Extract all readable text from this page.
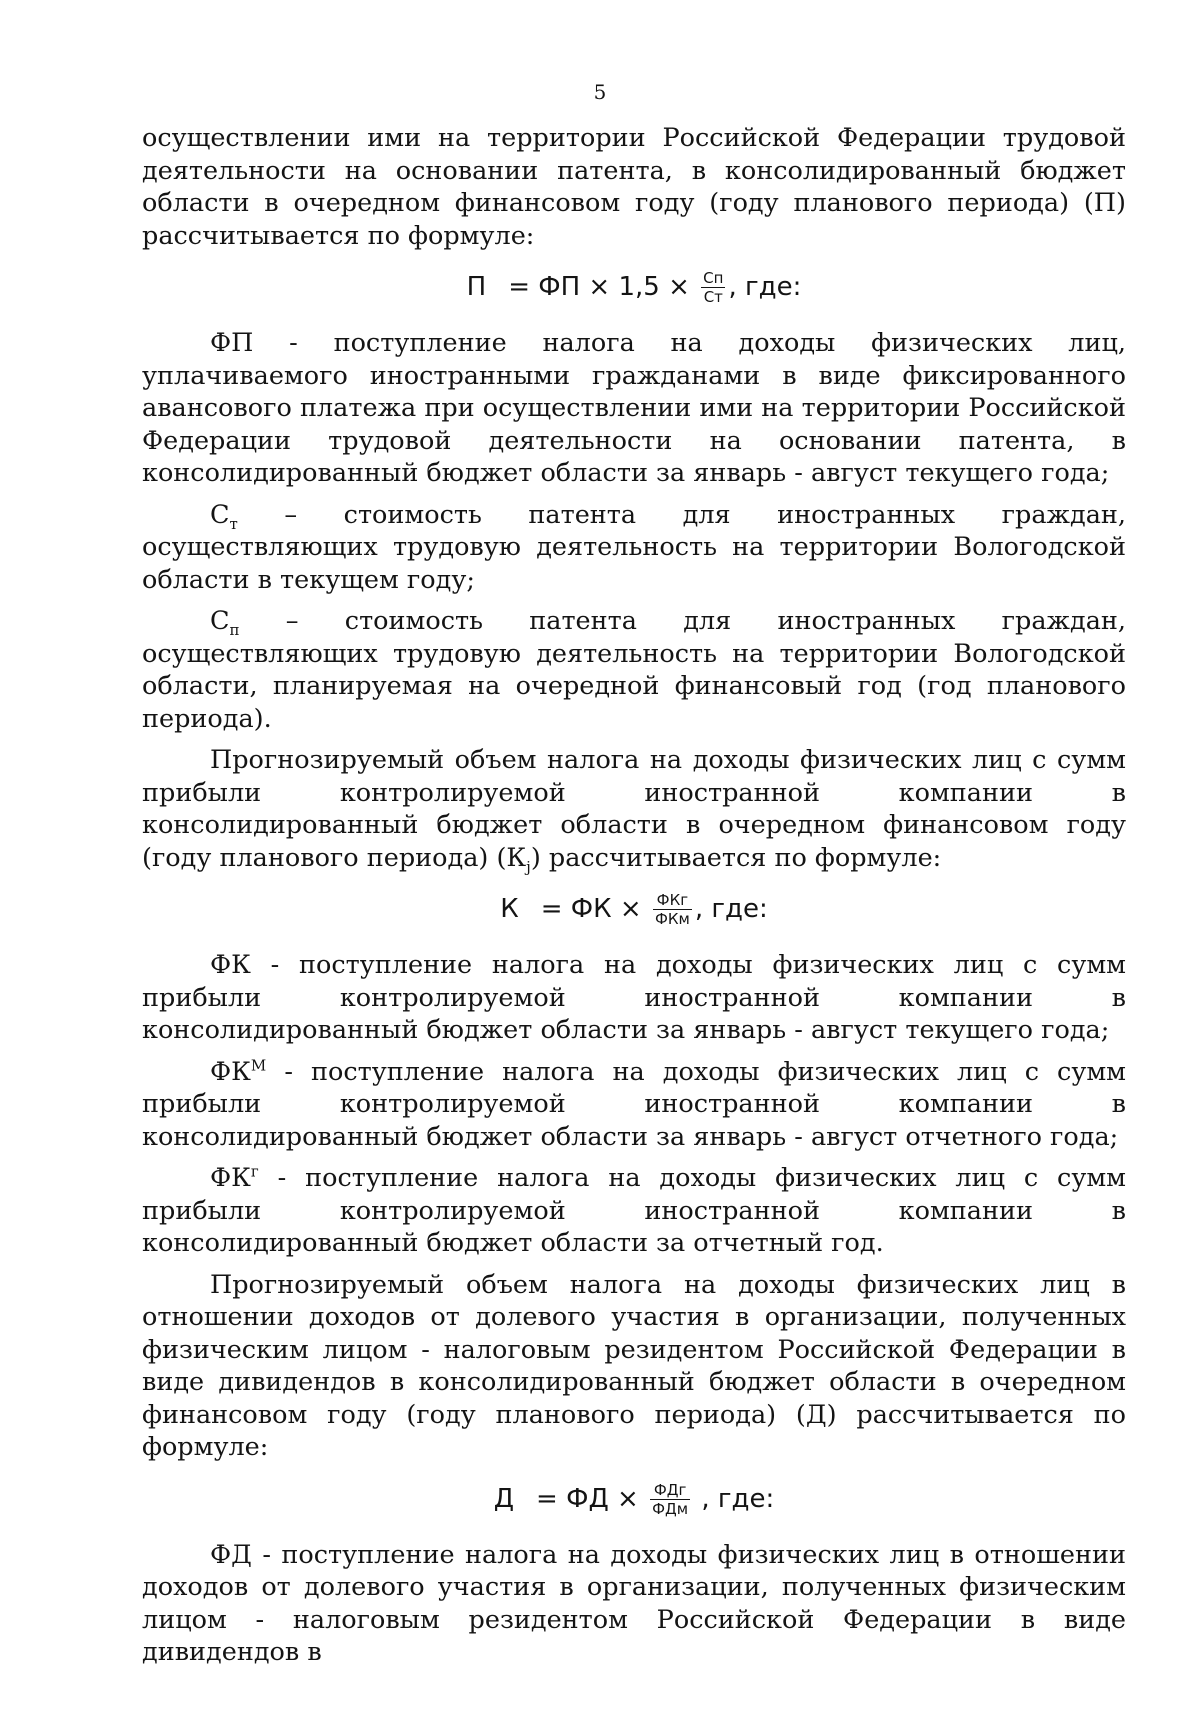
5

осуществлении ими на территории Российской Федерации трудовой деятельности на основании патента, в консолидированный бюджет области в очередном финансовом году (году планового периода) (П) рассчитывается по формуле:

П = ФП × $1,5 \times \frac{Сп}{Ст}$ , где:

ФП - поступление налога на доходы физических лиц, уплачиваемого иностранными гражданами в виде фиксированного авансового платежа при осуществлении ими на территории Российской Федерации трудовой деятельности на основании патента, в консолидированный бюджет области за январь - август текущего года;

$С_т$ – стоимость патента для иностранных граждан, осуществляющих трудовую деятельность на территории Вологодской области в текущем году;

$С_п$ – стоимость патента для иностранных граждан, осуществляющих трудовую деятельность на территории Вологодской области, планируемая на очередной финансовый год (год планового периода).

Прогнозируемый объем налога на доходы физических лиц с сумм прибыли контролируемой иностранной компании в консолидированный бюджет области в очередном финансовом году (году планового периода) $(К_j)$ рассчитывается по формуле:

К = ФК × $\frac{\text{ФКг}}{\text{ФКм}}$ , где:

ФК - поступление налога на доходы физических лиц с сумм прибыли контролируемой иностранной компании в консолидированный бюджет области за январь - август текущего года;

$ФК^М$ - поступление налога на доходы физических лиц с сумм прибыли контролируемой иностранной компании в консолидированный бюджет области за январь - август отчетного года;

$ФК^г$ - поступление налога на доходы физических лиц с сумм прибыли контролируемой иностранной компании в консолидированный бюджет области за отчетный год.

Прогнозируемый объем налога на доходы физических лиц в отношении доходов от долевого участия в организации, полученных физическим лицом - налоговым резидентом Российской Федерации в виде дивидендов в консолидированный бюджет области в очередном финансовом году (году планового периода) (Д) рассчитывается по формуле:

Д = ФД × $\frac{\text{ФДг}}{\text{ФДм}}$ , где:

ФД - поступление налога на доходы физических лиц в отношении доходов от долевого участия в организации, полученных физическим лицом - налоговым резидентом Российской Федерации в виде дивидендов в
